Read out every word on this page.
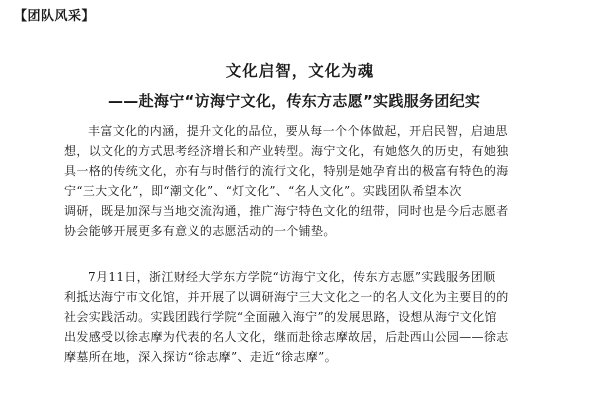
【团队风采】
文化启智，文化为魂
——赴海宁“访海宁文化，传东方志愿”实践服务团纪实
丰富文化的内涵，提升文化的品位，要从每一个个体做起，开启民智，启迪思
想，以文化的方式思考经济增长和产业转型。海宁文化，有她悠久的历史，有她独
具一格的传统文化，亦有与时偕行的流行文化，特别是她孕育出的极富有特色的海
宁“三大文化”，即“潮文化”、“灯文化”、“名人文化”。实践团队希望本次
调研，既是加深与当地交流沟通，推广海宁特色文化的纽带，同时也是今后志愿者
协会能够开展更多有意义的志愿活动的一个铺垫。
7月11日，浙江财经大学东方学院“访海宁文化，传东方志愿”实践服务团顺
利抵达海宁市文化馆，并开展了以调研海宁三大文化之一的名人文化为主要目的的
社会实践活动。实践团践行学院“全面融入海宁”的发展思路，设想从海宁文化馆
出发感受以徐志摩为代表的名人文化，继而赴徐志摩故居，后赴西山公园——徐志
摩墓所在地，深入探访“徐志摩”、走近“徐志摩”。
